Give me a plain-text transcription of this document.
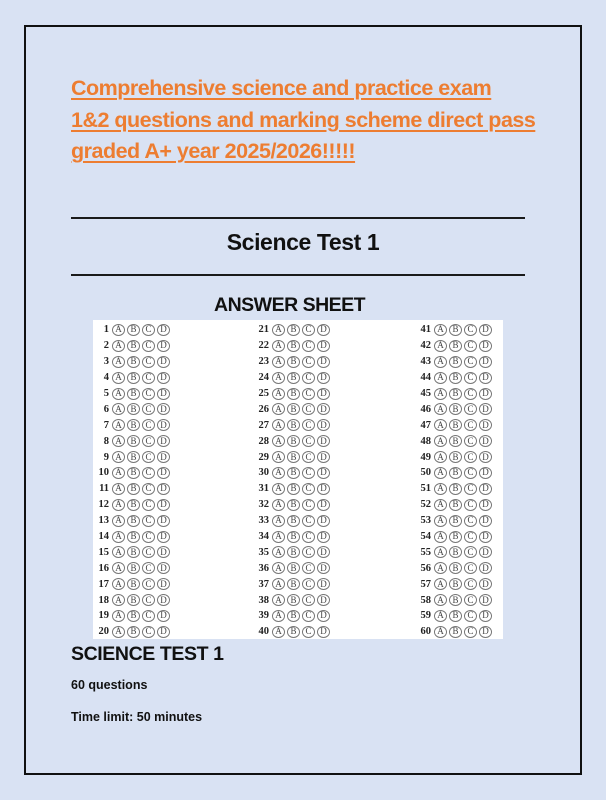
Comprehensive science and practice exam
1&2 questions and marking scheme direct pass
graded A+ year 2025/2026!!!!!
Science Test 1
ANSWER SHEET
1 A B C D
2 A B C D
3 A B C D
4 A B C D
5 A B C D
6 A B C D
7 A B C D
8 A B C D
9 A B C D
10 A B C D
11 A B C D
12 A B C D
13 A B C D
14 A B C D
15 A B C D
16 A B C D
17 A B C D
18 A B C D
19 A B C D
20 A B C D
21 A B C D
22 A B C D
23 A B C D
24 A B C D
25 A B C D
26 A B C D
27 A B C D
28 A B C D
29 A B C D
30 A B C D
31 A B C D
32 A B C D
33 A B C D
34 A B C D
35 A B C D
36 A B C D
37 A B C D
38 A B C D
39 A B C D
40 A B C D
41 A B C D
42 A B C D
43 A B C D
44 A B C D
45 A B C D
46 A B C D
47 A B C D
48 A B C D
49 A B C D
50 A B C D
51 A B C D
52 A B C D
53 A B C D
54 A B C D
55 A B C D
56 A B C D
57 A B C D
58 A B C D
59 A B C D
60 A B C D
SCIENCE TEST 1
60 questions
Time limit: 50 minutes
